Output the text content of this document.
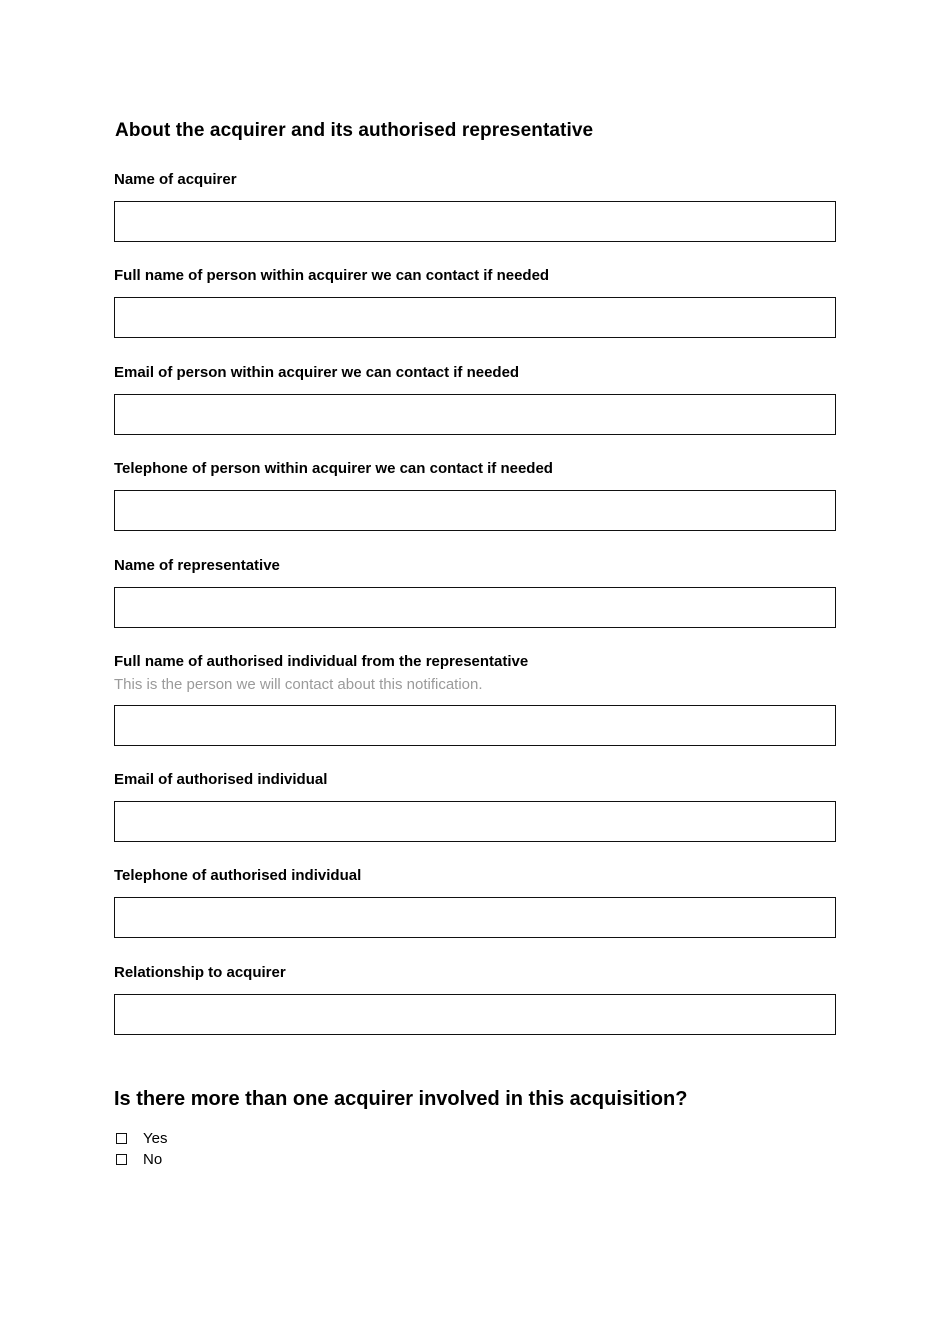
About the acquirer and its authorised representative
Name of acquirer
Full name of person within acquirer we can contact if needed
Email of person within acquirer we can contact if needed
Telephone of person within acquirer we can contact if needed
Name of representative
Full name of authorised individual from the representative
This is the person we will contact about this notification.
Email of authorised individual
Telephone of authorised individual
Relationship to acquirer
Is there more than one acquirer involved in this acquisition?
Yes
No
